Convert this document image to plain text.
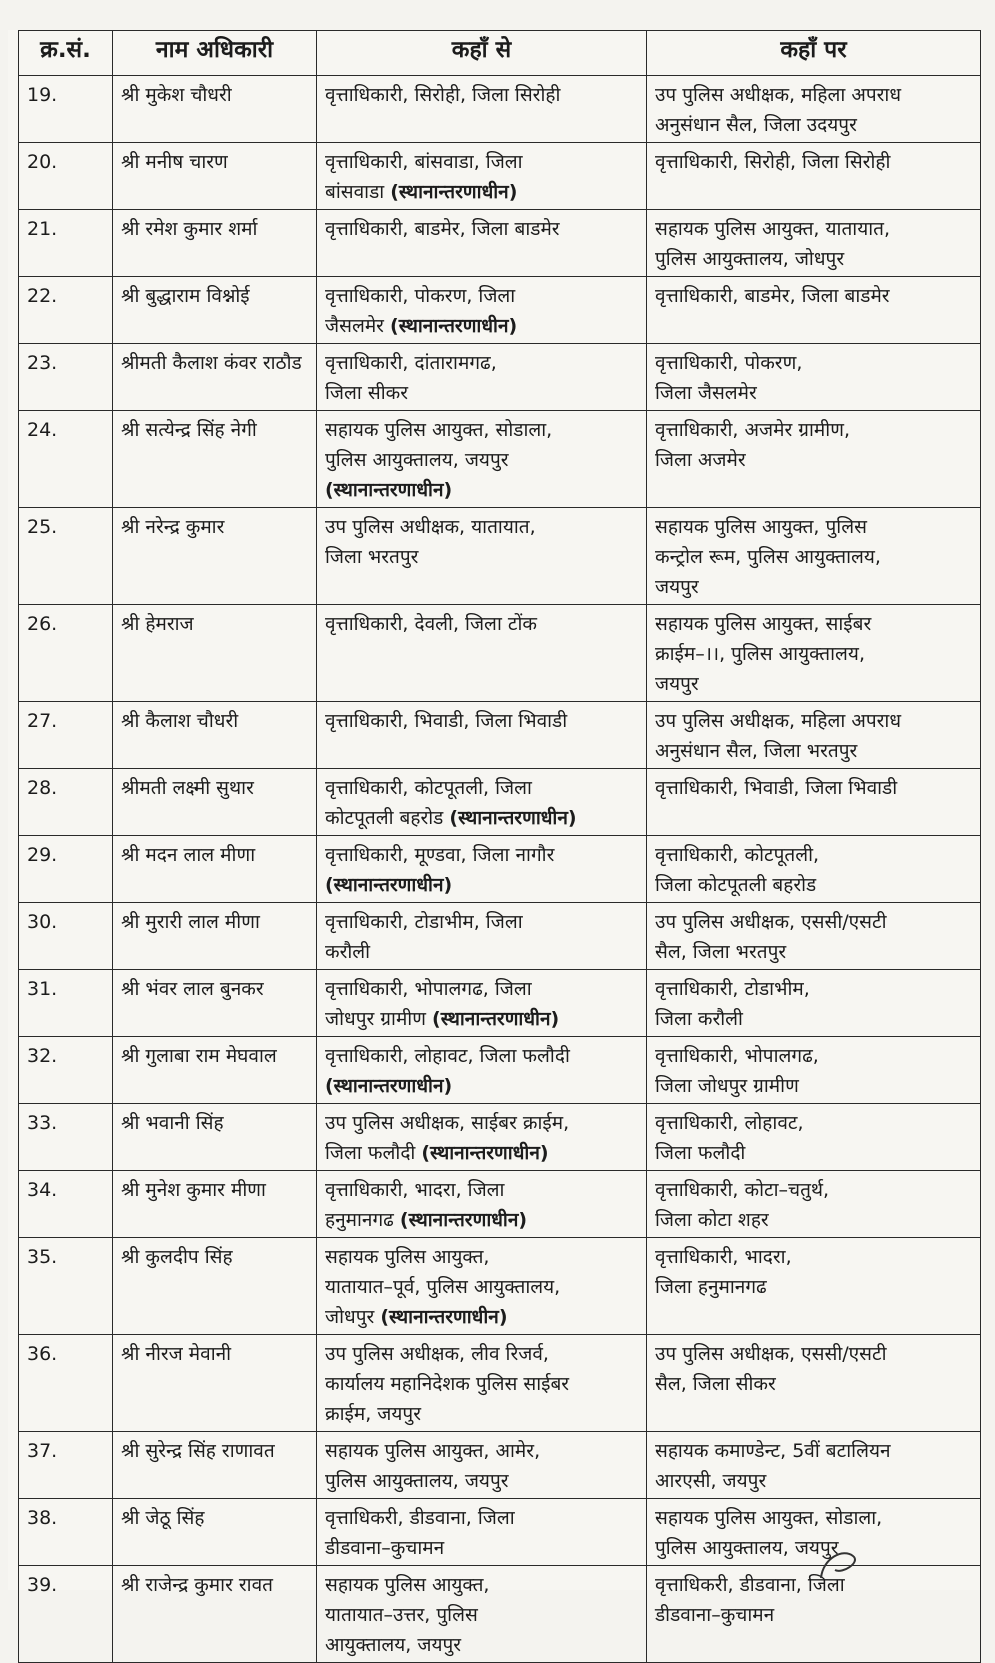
क्र.सं.	नाम अधिकारी	कहाँ से	कहाँ पर
19.	श्री मुकेश चौधरी	वृत्ताधिकारी, सिरोही, जिला सिरोही	उप पुलिस अधीक्षक, महिला अपराध
अनुसंधान सैल, जिला उदयपुर
20.	श्री मनीष चारण	वृत्ताधिकारी, बांसवाडा, जिला
बांसवाडा (स्थानान्तरणाधीन)	वृत्ताधिकारी, सिरोही, जिला सिरोही
21.	श्री रमेश कुमार शर्मा	वृत्ताधिकारी, बाडमेर, जिला बाडमेर	सहायक पुलिस आयुक्त, यातायात,
पुलिस आयुक्तालय, जोधपुर
22.	श्री बुद्धाराम विश्नोई	वृत्ताधिकारी, पोकरण, जिला
जैसलमेर (स्थानान्तरणाधीन)	वृत्ताधिकारी, बाडमेर, जिला बाडमेर
23.	श्रीमती कैलाश कंवर राठौड	वृत्ताधिकारी, दांतारामगढ,
जिला सीकर	वृत्ताधिकारी, पोकरण,
जिला जैसलमेर
24.	श्री सत्येन्द्र सिंह नेगी	सहायक पुलिस आयुक्त, सोडाला,
पुलिस आयुक्तालय, जयपुर (स्थानान्तरणाधीन)	वृत्ताधिकारी, अजमेर ग्रामीण,
जिला अजमेर
25.	श्री नरेन्द्र कुमार	उप पुलिस अधीक्षक, यातायात,
जिला भरतपुर	सहायक पुलिस आयुक्त, पुलिस
कन्ट्रोल रूम, पुलिस आयुक्तालय,
जयपुर
26.	श्री हेमराज	वृत्ताधिकारी, देवली, जिला टोंक	सहायक पुलिस आयुक्त, साईबर
क्राईम–।।, पुलिस आयुक्तालय,
जयपुर
27.	श्री कैलाश चौधरी	वृत्ताधिकारी, भिवाडी, जिला भिवाडी	उप पुलिस अधीक्षक, महिला अपराध
अनुसंधान सैल, जिला भरतपुर
28.	श्रीमती लक्ष्मी सुथार	वृत्ताधिकारी, कोटपूतली, जिला
कोटपूतली बहरोड (स्थानान्तरणाधीन)	वृत्ताधिकारी, भिवाडी, जिला भिवाडी
29.	श्री मदन लाल मीणा	वृत्ताधिकारी, मूण्डवा, जिला नागौर (स्थानान्तरणाधीन)	वृत्ताधिकारी, कोटपूतली,
जिला कोटपूतली बहरोड
30.	श्री मुरारी लाल मीणा	वृत्ताधिकारी, टोडाभीम, जिला
करौली	उप पुलिस अधीक्षक, एससी/एसटी
सैल, जिला भरतपुर
31.	श्री भंवर लाल बुनकर	वृत्ताधिकारी, भोपालगढ, जिला
जोधपुर ग्रामीण (स्थानान्तरणाधीन)	वृत्ताधिकारी, टोडाभीम,
जिला करौली
32.	श्री गुलाबा राम मेघवाल	वृत्ताधिकारी, लोहावट, जिला फलौदी (स्थानान्तरणाधीन)	वृत्ताधिकारी, भोपालगढ,
जिला जोधपुर ग्रामीण
33.	श्री भवानी सिंह	उप पुलिस अधीक्षक, साईबर क्राईम,
जिला फलौदी (स्थानान्तरणाधीन)	वृत्ताधिकारी, लोहावट,
जिला फलौदी
34.	श्री मुनेश कुमार मीणा	वृत्ताधिकारी, भादरा, जिला
हनुमानगढ (स्थानान्तरणाधीन)	वृत्ताधिकारी, कोटा–चतुर्थ,
जिला कोटा शहर
35.	श्री कुलदीप सिंह	सहायक पुलिस आयुक्त,
यातायात–पूर्व, पुलिस आयुक्तालय,
जोधपुर (स्थानान्तरणाधीन)	वृत्ताधिकारी, भादरा,
जिला हनुमानगढ
36.	श्री नीरज मेवानी	उप पुलिस अधीक्षक, लीव रिजर्व,
कार्यालय महानिदेशक पुलिस साईबर
क्राईम, जयपुर	उप पुलिस अधीक्षक, एससी/एसटी
सैल, जिला सीकर
37.	श्री सुरेन्द्र सिंह राणावत	सहायक पुलिस आयुक्त, आमेर,
पुलिस आयुक्तालय, जयपुर	सहायक कमाण्डेन्ट, 5वीं बटालियन
आरएसी, जयपुर
38.	श्री जेठू सिंह	वृत्ताधिकरी, डीडवाना, जिला
डीडवाना–कुचामन	सहायक पुलिस आयुक्त, सोडाला,
पुलिस आयुक्तालय, जयपुर
39.	श्री राजेन्द्र कुमार रावत	सहायक पुलिस आयुक्त,
यातायात–उत्तर, पुलिस
आयुक्तालय, जयपुर	वृत्ताधिकरी, डीडवाना, जिला
डीडवाना–कुचामन
